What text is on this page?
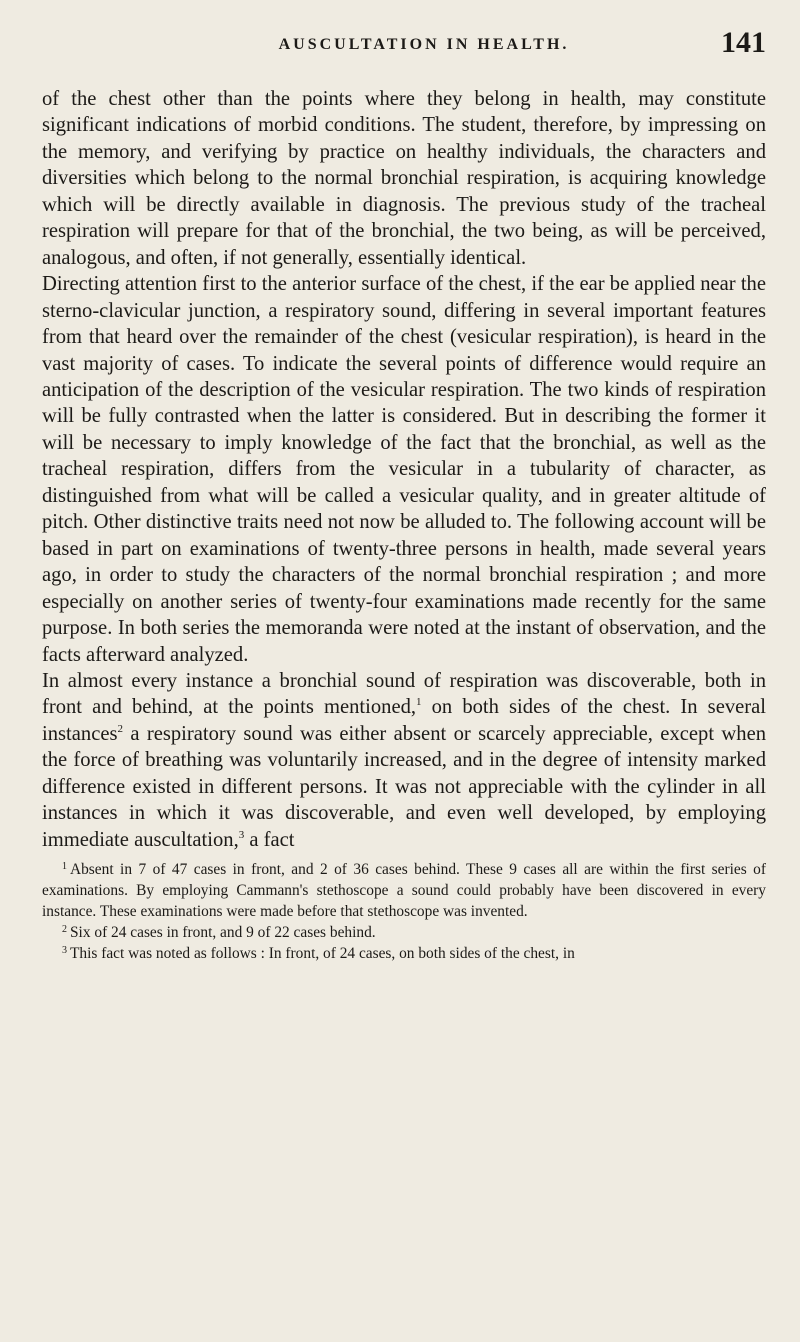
AUSCULTATION IN HEALTH.	141

of the chest other than the points where they belong in health, may constitute significant indications of morbid conditions. The student, therefore, by impressing on the memory, and verifying by practice on healthy individuals, the characters and diversities which belong to the normal bronchial respiration, is acquiring knowledge which will be directly available in diagnosis. The previous study of the tracheal respiration will prepare for that of the bronchial, the two being, as will be perceived, analogous, and often, if not generally, essentially identical.

Directing attention first to the anterior surface of the chest, if the ear be applied near the sterno-clavicular junction, a respiratory sound, differing in several important features from that heard over the remainder of the chest (vesicular respiration), is heard in the vast majority of cases. To indicate the several points of difference would require an anticipation of the description of the vesicular respiration. The two kinds of respiration will be fully contrasted when the latter is considered. But in describing the former it will be necessary to imply knowledge of the fact that the bronchial, as well as the tracheal respiration, differs from the vesicular in a tubularity of character, as distinguished from what will be called a vesicular quality, and in greater altitude of pitch. Other distinctive traits need not now be alluded to. The following account will be based in part on examinations of twenty-three persons in health, made several years ago, in order to study the characters of the normal bronchial respiration ; and more especially on another series of twenty-four examinations made recently for the same purpose. In both series the memoranda were noted at the instant of observation, and the facts afterward analyzed.

In almost every instance a bronchial sound of respiration was discoverable, both in front and behind, at the points mentioned,$^1$ on both sides of the chest. In several instances$^2$ a respiratory sound was either absent or scarcely appreciable, except when the force of breathing was voluntarily increased, and in the degree of intensity marked difference existed in different persons. It was not appreciable with the cylinder in all instances in which it was discoverable, and even well developed, by employing immediate auscultation,$^3$ a fact

$^1$ Absent in 7 of 47 cases in front, and 2 of 36 cases behind. These 9 cases all are within the first series of examinations. By employing Cammann's stethoscope a sound could probably have been discovered in every instance. These examinations were made before that stethoscope was invented.

$^2$ Six of 24 cases in front, and 9 of 22 cases behind.

$^3$ This fact was noted as follows : In front, of 24 cases, on both sides of the chest, in
